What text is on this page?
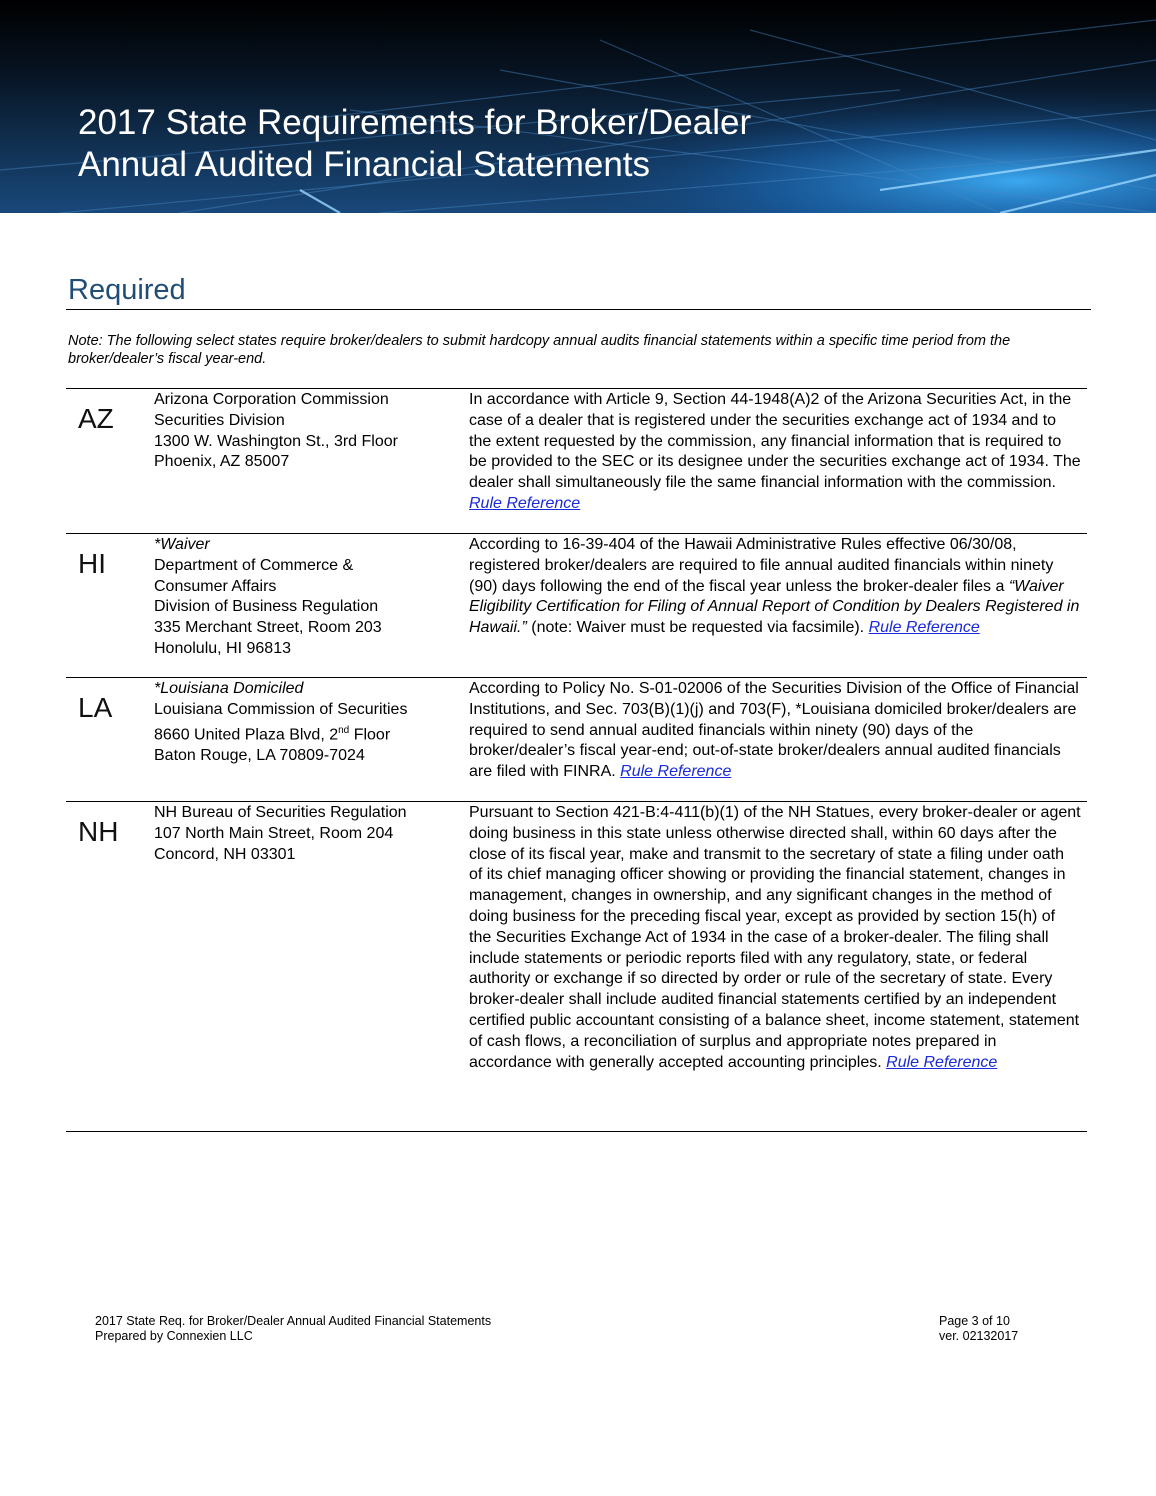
2017 State Requirements for Broker/Dealer
Annual Audited Financial Statements
Required
Note: The following select states require broker/dealers to submit hardcopy annual audits financial statements within a specific time period from the broker/dealer’s fiscal year-end.
AZ
Arizona Corporation Commission
Securities Division
1300 W. Washington St., 3rd Floor
Phoenix, AZ 85007
In accordance with Article 9, Section 44-1948(A)2 of the Arizona Securities Act, in the case of a dealer that is registered under the securities exchange act of 1934 and to the extent requested by the commission, any financial information that is required to be provided to the SEC or its designee under the securities exchange act of 1934. The dealer shall simultaneously file the same financial information with the commission. Rule Reference
HI
*Waiver
Department of Commerce &
Consumer Affairs
Division of Business Regulation
335 Merchant Street, Room 203
Honolulu, HI 96813
According to 16-39-404 of the Hawaii Administrative Rules effective 06/30/08, registered broker/dealers are required to file annual audited financials within ninety (90) days following the end of the fiscal year unless the broker-dealer files a “Waiver Eligibility Certification for Filing of Annual Report of Condition by Dealers Registered in Hawaii.” (note: Waiver must be requested via facsimile). Rule Reference
LA
*Louisiana Domiciled
Louisiana Commission of Securities
8660 United Plaza Blvd, 2nd Floor
Baton Rouge, LA 70809-7024
According to Policy No. S-01-02006 of the Securities Division of the Office of Financial Institutions, and Sec. 703(B)(1)(j) and 703(F), *Louisiana domiciled broker/dealers are required to send annual audited financials within ninety (90) days of the broker/dealer’s fiscal year-end; out-of-state broker/dealers annual audited financials are filed with FINRA. Rule Reference
NH
NH Bureau of Securities Regulation
107 North Main Street, Room 204
Concord, NH 03301
Pursuant to Section 421-B:4-411(b)(1) of the NH Statues, every broker-dealer or agent doing business in this state unless otherwise directed shall, within 60 days after the close of its fiscal year, make and transmit to the secretary of state a filing under oath of its chief managing officer showing or providing the financial statement, changes in management, changes in ownership, and any significant changes in the method of doing business for the preceding fiscal year, except as provided by section 15(h) of the Securities Exchange Act of 1934 in the case of a broker-dealer. The filing shall include statements or periodic reports filed with any regulatory, state, or federal authority or exchange if so directed by order or rule of the secretary of state. Every broker-dealer shall include audited financial statements certified by an independent certified public accountant consisting of a balance sheet, income statement, statement of cash flows, a reconciliation of surplus and appropriate notes prepared in accordance with generally accepted accounting principles. Rule Reference
2017 State Req. for Broker/Dealer Annual Audited Financial Statements
Prepared by Connexien LLC
Page 3 of 10
ver. 02132017
